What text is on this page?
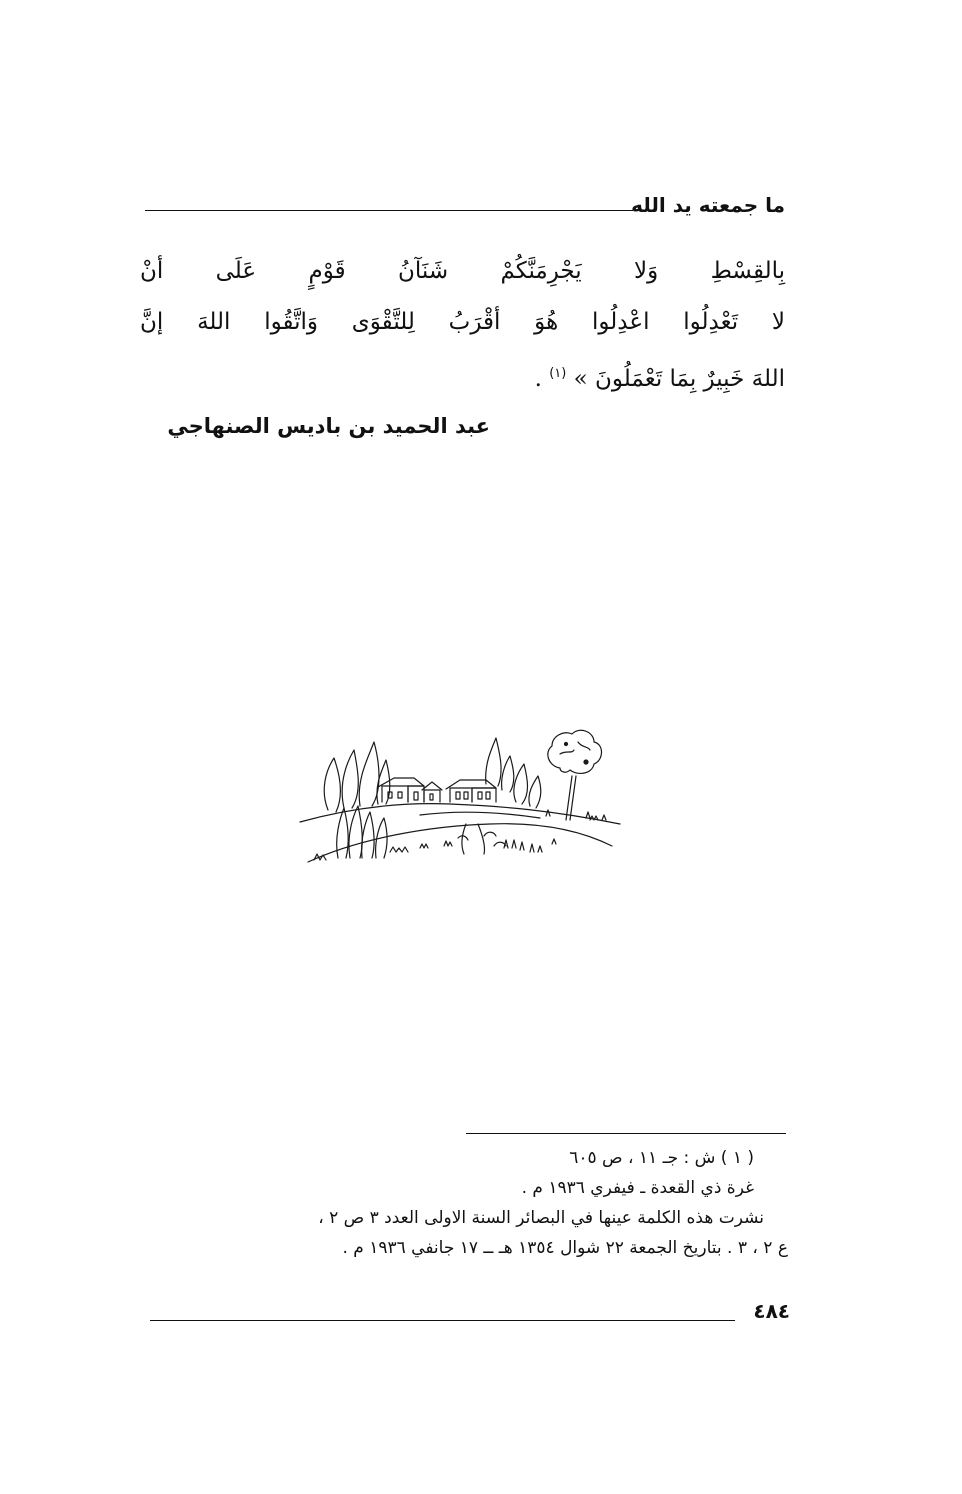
ما جمعته يد الله
بِالقِسْطِ وَلا يَجْرِمَنَّكُمْ شَنَآنُ قَوْمٍ عَلَى أنْ
لا تَعْدِلُوا اعْدِلُوا هُوَ أقْرَبُ لِلتَّقْوَى وَاتَّقُوا اللهَ إنَّ
اللهَ خَبِيرٌ بِمَا تَعْمَلُونَ » $^{(١)}$ .
عبد الحميد بن باديس الصنهاجي
( ١ ) ش : جـ ١١ ، ص ٦٠٥
غرة ذي القعدة ـ فيفري ١٩٣٦ م .
نشرت هذه الكلمة عينها في البصائر السنة الاولى العدد ٣ ص ٢ ،
ع ٢ ، ٣ . بتاريخ الجمعة ٢٢ شوال ١٣٥٤ هـ ــ ١٧ جانفي ١٩٣٦ م .
٤٨٤
